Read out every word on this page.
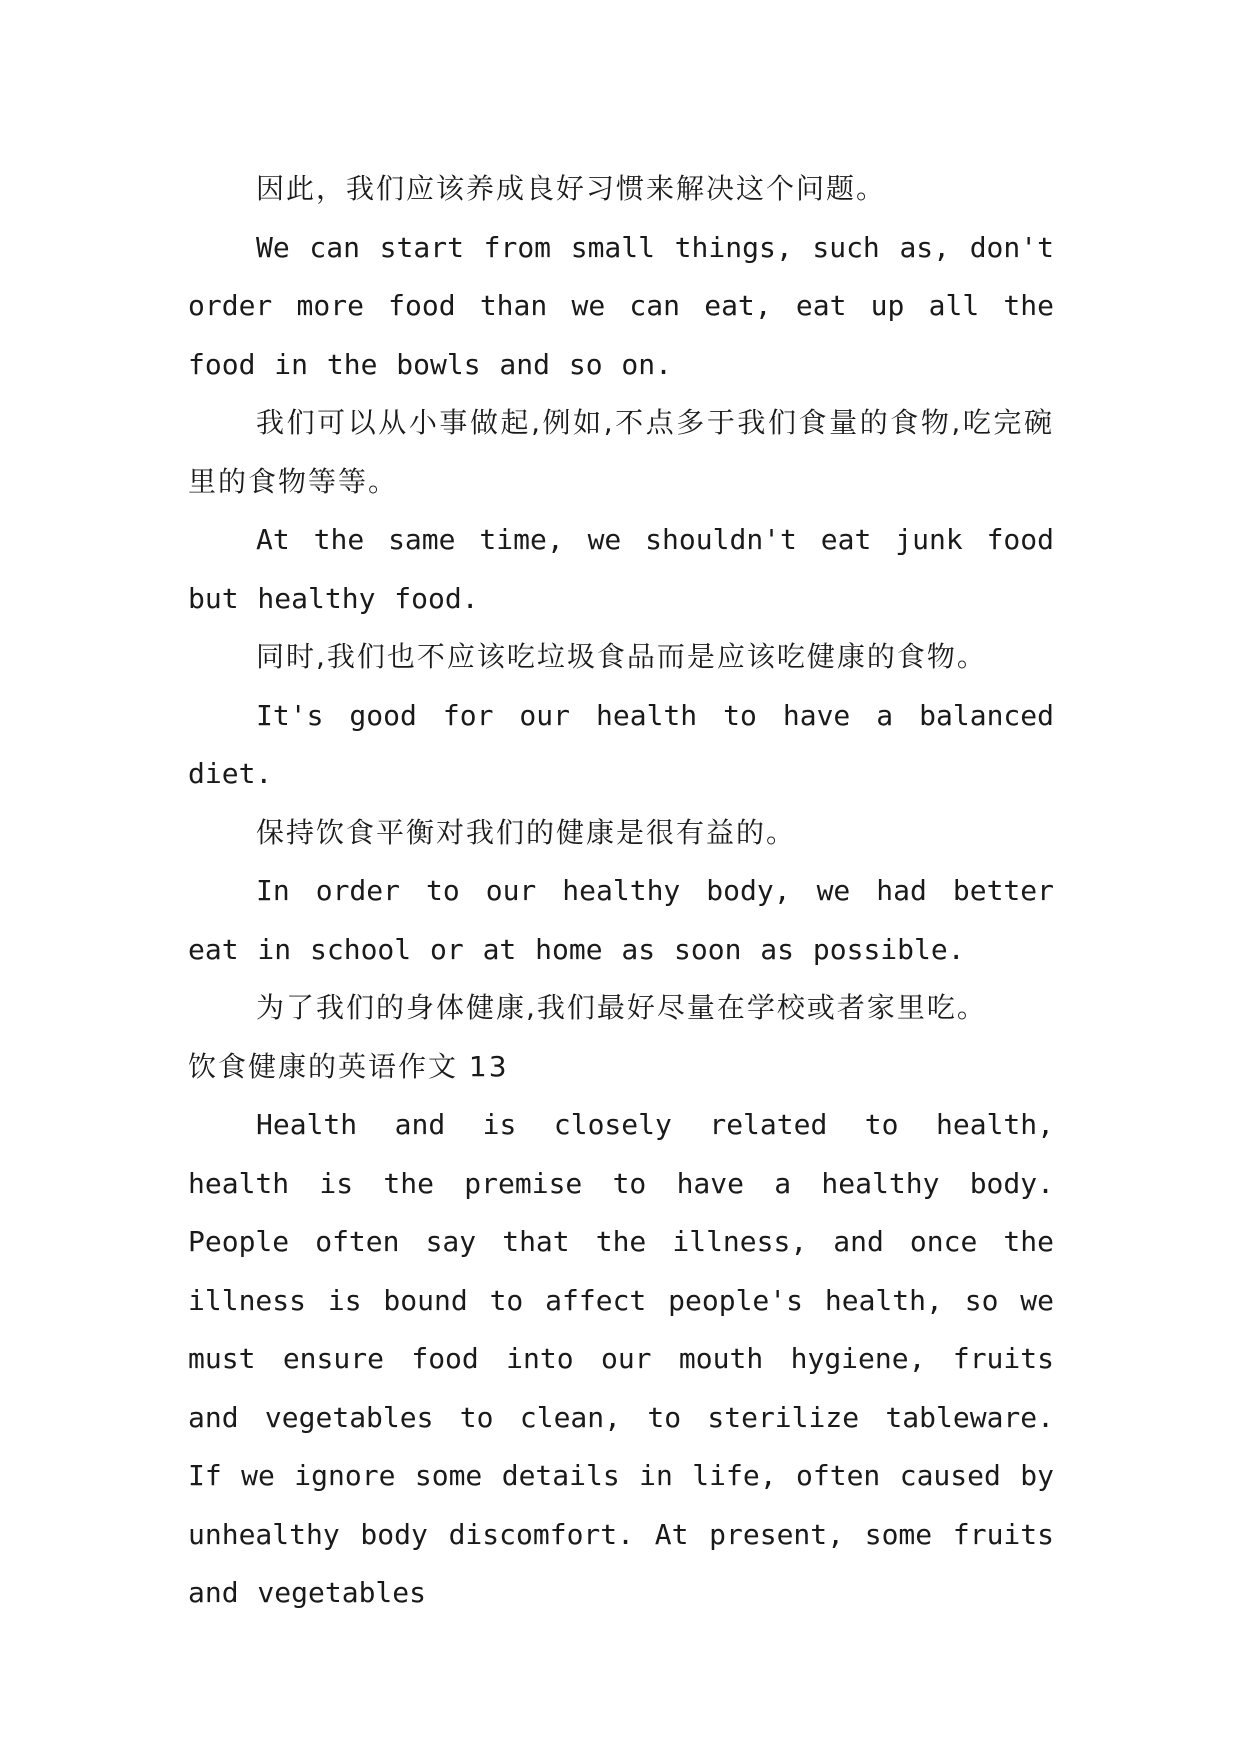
因此，我们应该养成良好习惯来解决这个问题。

We can start from small things, such as, don't order more food than we can eat, eat up all the food in the bowls and so on.

我们可以从小事做起,例如,不点多于我们食量的食物,吃完碗里的食物等等。

At the same time, we shouldn't eat junk food but healthy food.

同时,我们也不应该吃垃圾食品而是应该吃健康的食物。

It's good for our health to have a balanced diet.

保持饮食平衡对我们的健康是很有益的。

In order to our healthy body, we had better eat in school or at home as soon as possible.

为了我们的身体健康,我们最好尽量在学校或者家里吃。

饮食健康的英语作文 13

Health and is closely related to health, health is the premise to have a healthy body. People often say that the illness, and once the illness is bound to affect people's health, so we must ensure food into our mouth hygiene, fruits and vegetables to clean, to sterilize tableware. If we ignore some details in life, often caused by unhealthy body discomfort. At present, some fruits and vegetables
